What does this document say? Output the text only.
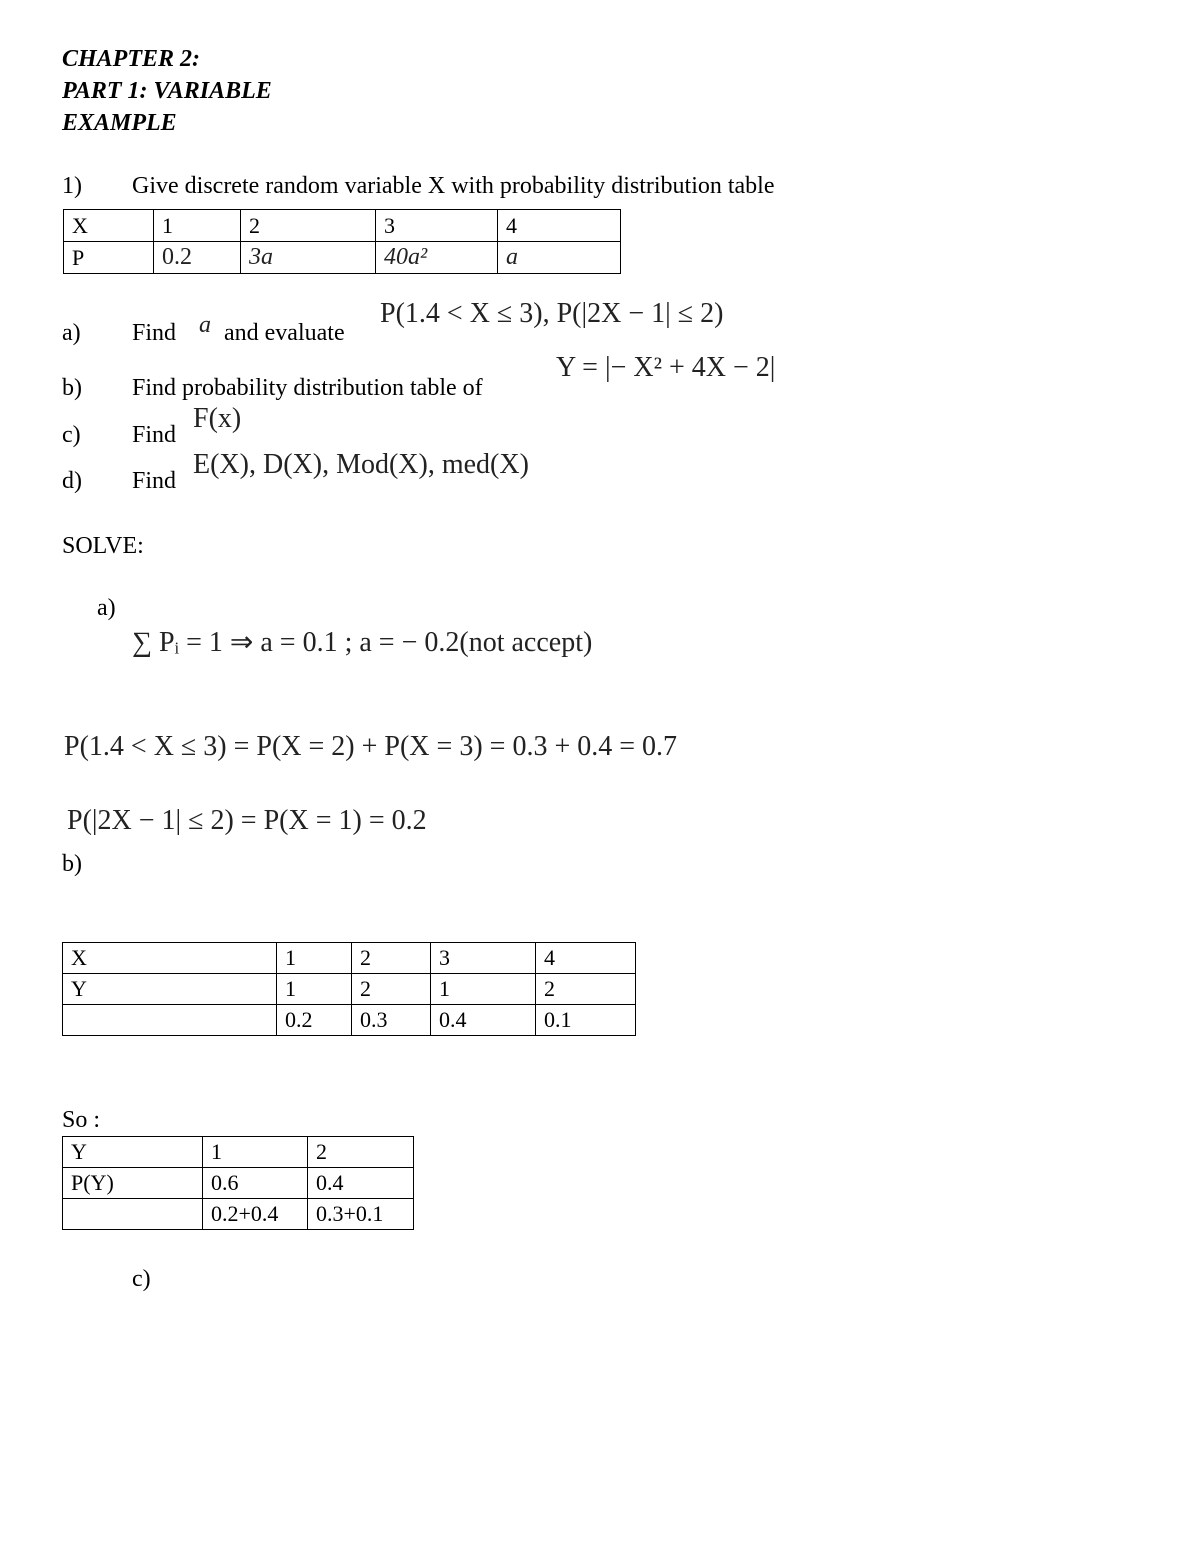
CHAPTER 2:
PART 1: VARIABLE
EXAMPLE
1) Give discrete random variable X with probability distribution table
X	1	2	3	4
P	0.2	3a	40a²	a
a) Find a and evaluate
P(1.4 < X ≤ 3), P(|2X − 1| ≤ 2)
b) Find probability distribution table of
Y = |− X² + 4X − 2|
c) Find
F(x)
d) Find
E(X), D(X), Mod(X), med(X)
SOLVE:
a)
∑ Pᵢ = 1 ⇒ a = 0.1 ; a = − 0.2(not accept)
P(1.4 < X ≤ 3) = P(X = 2) + P(X = 3) = 0.3 + 0.4 = 0.7
P(|2X − 1| ≤ 2) = P(X = 1) = 0.2
b)
X	1	2	3	4
Y	1	2	1	2
	0.2	0.3	0.4	0.1
So :
Y	1	2
P(Y)	0.6	0.4
	0.2+0.4	0.3+0.1
c)
